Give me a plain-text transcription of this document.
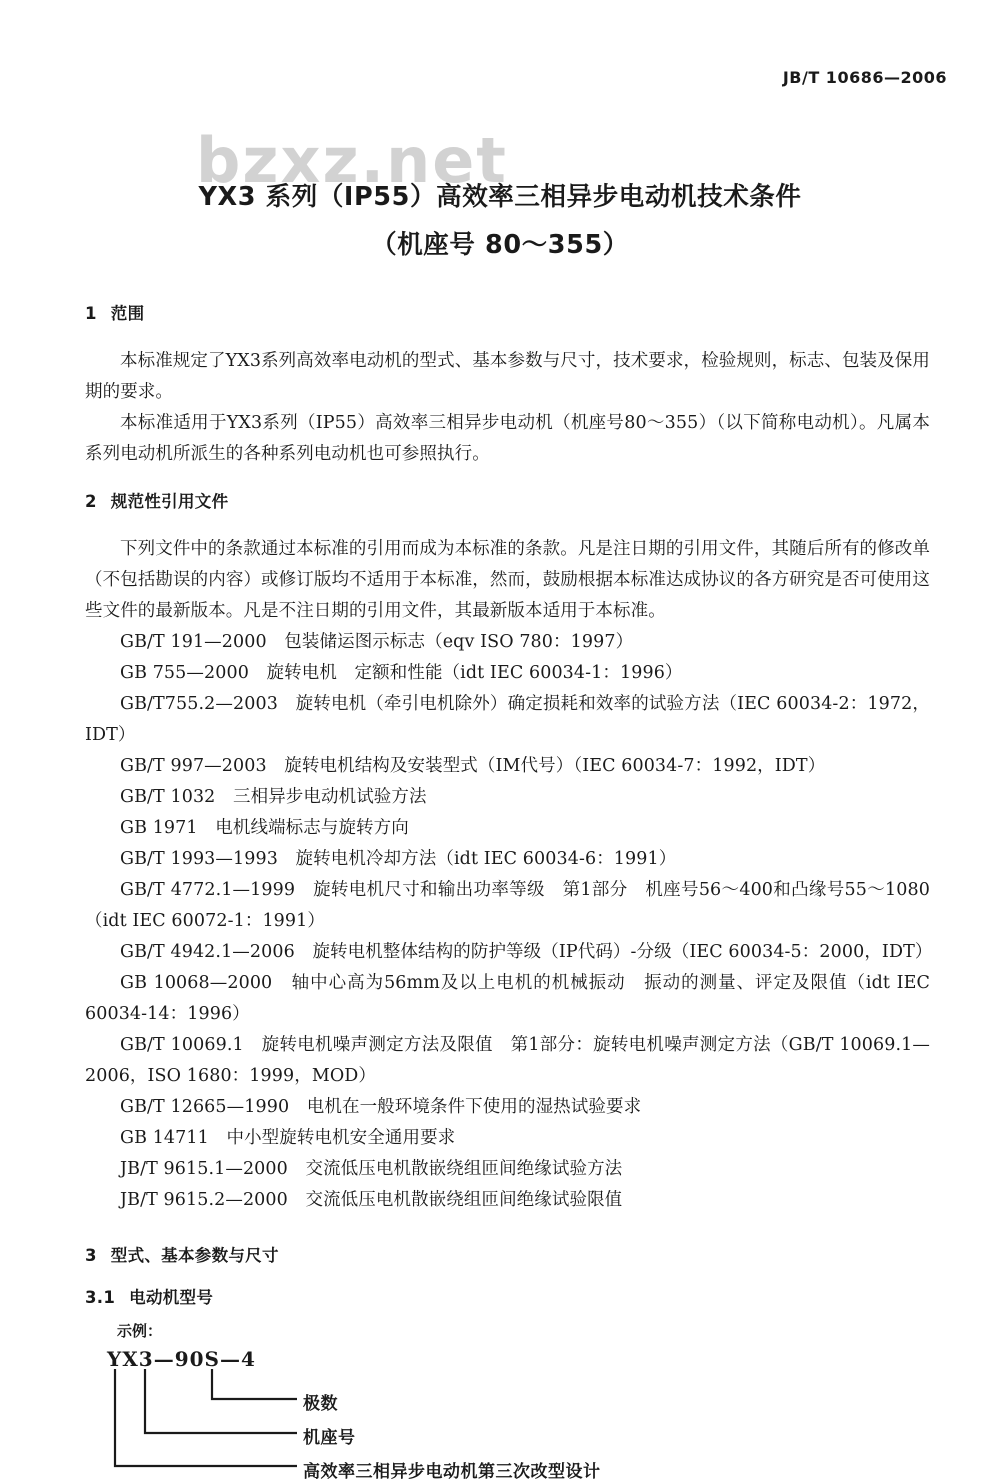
bzxz.net
JB/T 10686—2006
YX3 系列（IP55）高效率三相异步电动机技术条件
（机座号 80～355）
1 范围

本标准规定了YX3系列高效率电动机的型式、基本参数与尺寸，技术要求，检验规则，标志、包装及保用期的要求。

本标准适用于YX3系列（IP55）高效率三相异步电动机（机座号80～355）（以下简称电动机）。凡属本系列电动机所派生的各种系列电动机也可参照执行。

2 规范性引用文件

下列文件中的条款通过本标准的引用而成为本标准的条款。凡是注日期的引用文件，其随后所有的修改单（不包括勘误的内容）或修订版均不适用于本标准，然而，鼓励根据本标准达成协议的各方研究是否可使用这些文件的最新版本。凡是不注日期的引用文件，其最新版本适用于本标准。

GB/T 191—2000　包装储运图示标志（eqv ISO 780：1997）
GB 755—2000　旋转电机　定额和性能（idt IEC 60034-1：1996）
GB/T755.2—2003　旋转电机（牵引电机除外）确定损耗和效率的试验方法（IEC 60034-2：1972，IDT）
GB/T 997—2003　旋转电机结构及安装型式（IM代号）（IEC 60034-7：1992，IDT）
GB/T 1032　三相异步电动机试验方法
GB 1971　电机线端标志与旋转方向
GB/T 1993—1993　旋转电机冷却方法（idt IEC 60034-6：1991）
GB/T 4772.1—1999　旋转电机尺寸和输出功率等级　第1部分　机座号56～400和凸缘号55～1080（idt IEC 60072-1：1991）
GB/T 4942.1—2006　旋转电机整体结构的防护等级（IP代码）-分级（IEC 60034-5：2000，IDT）
GB 10068—2000　轴中心高为56mm及以上电机的机械振动　振动的测量、评定及限值（idt IEC 60034-14：1996）
GB/T 10069.1　旋转电机噪声测定方法及限值　第1部分：旋转电机噪声测定方法（GB/T 10069.1—2006，ISO 1680：1999，MOD）
GB/T 12665—1990　电机在一般环境条件下使用的湿热试验要求
GB 14711　中小型旋转电机安全通用要求
JB/T 9615.1—2000　交流低压电机散嵌绕组匝间绝缘试验方法
JB/T 9615.2—2000　交流低压电机散嵌绕组匝间绝缘试验限值
3 型式、基本参数与尺寸
3.1 电动机型号
示例：
YX3—90S—4
极数
机座号
高效率三相异步电动机第三次改型设计
